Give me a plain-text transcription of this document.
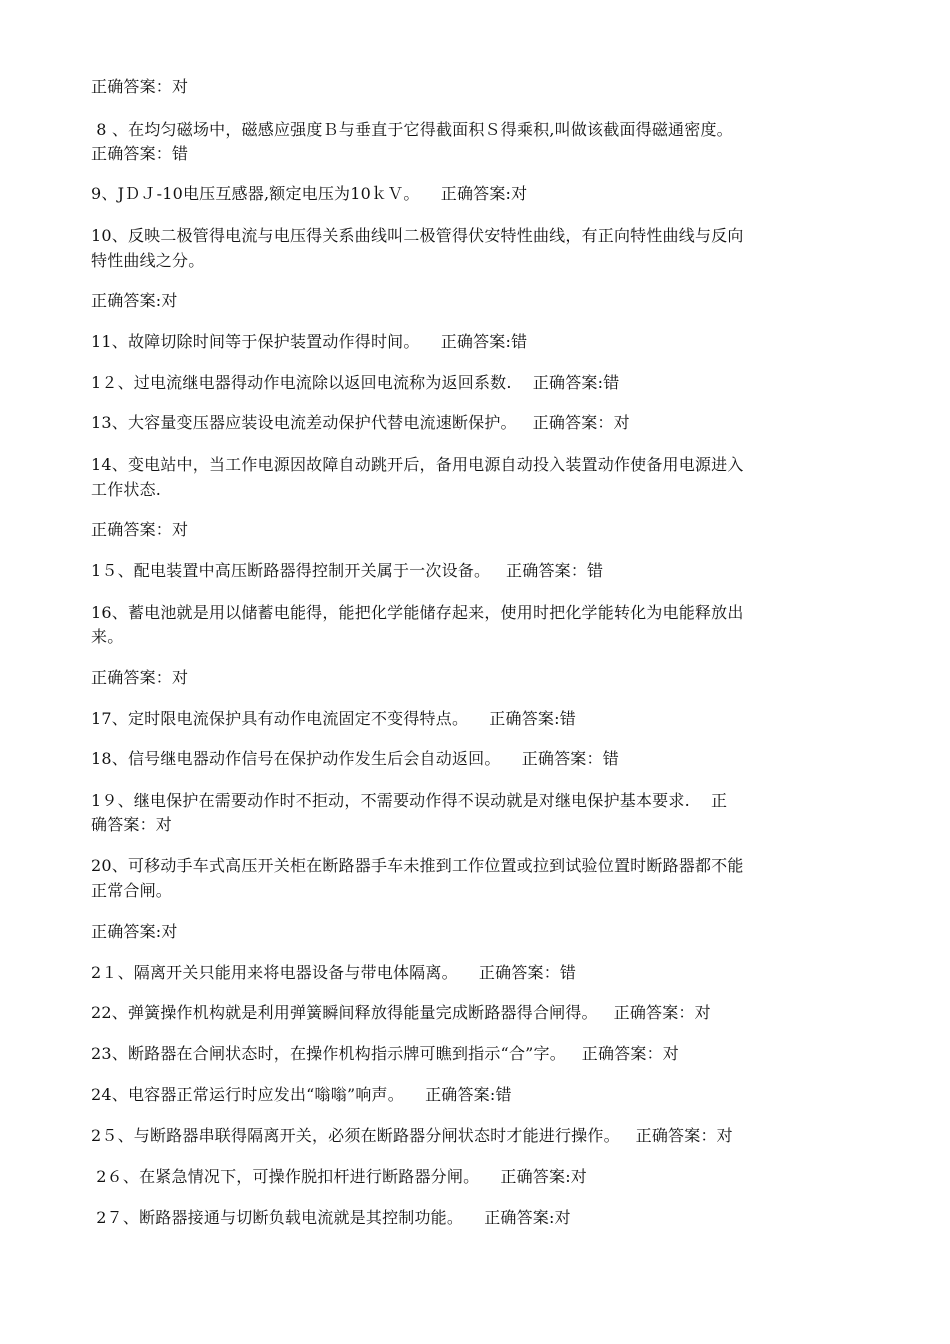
正确答案：对
8 、在均匀磁场中，磁感应强度Ｂ与垂直于它得截面积Ｓ得乘积,叫做该截面得磁通密度。
正确答案：错
9、JＤＪ-10电压互感器,额定电压为10ｋＶ。    正确答案:对
10、反映二极管得电流与电压得关系曲线叫二极管得伏安特性曲线，有正向特性曲线与反向
特性曲线之分。
正确答案:对
11、故障切除时间等于保护装置动作得时间。    正确答案:错
1２、过电流继电器得动作电流除以返回电流称为返回系数.    正确答案:错
13、大容量变压器应装设电流差动保护代替电流速断保护。   正确答案：对
14、变电站中，当工作电源因故障自动跳开后，备用电源自动投入装置动作使备用电源进入
工作状态.
正确答案：对
1５、配电装置中高压断路器得控制开关属于一次设备。   正确答案：错
16、蓄电池就是用以储蓄电能得，能把化学能储存起来，使用时把化学能转化为电能释放出
来。
正确答案：对
17、定时限电流保护具有动作电流固定不变得特点。    正确答案:错
18、信号继电器动作信号在保护动作发生后会自动返回。    正确答案：错
1９、继电保护在需要动作时不拒动，不需要动作得不误动就是对继电保护基本要求.    正
确答案：对
20、可移动手车式高压开关柜在断路器手车未推到工作位置或拉到试验位置时断路器都不能
正常合闸。
正确答案:对
2１、隔离开关只能用来将电器设备与带电体隔离。    正确答案：错
22、弹簧操作机构就是利用弹簧瞬间释放得能量完成断路器得合闸得。   正确答案：对
23、断路器在合闸状态时，在操作机构指示牌可瞧到指示“合”字。   正确答案：对
24、电容器正常运行时应发出“嗡嗡”响声。    正确答案:错
2５、与断路器串联得隔离开关，必须在断路器分闸状态时才能进行操作。   正确答案：对
2６、在紧急情况下，可操作脱扣杆进行断路器分闸。    正确答案:对
2７、断路器接通与切断负载电流就是其控制功能。    正确答案:对
